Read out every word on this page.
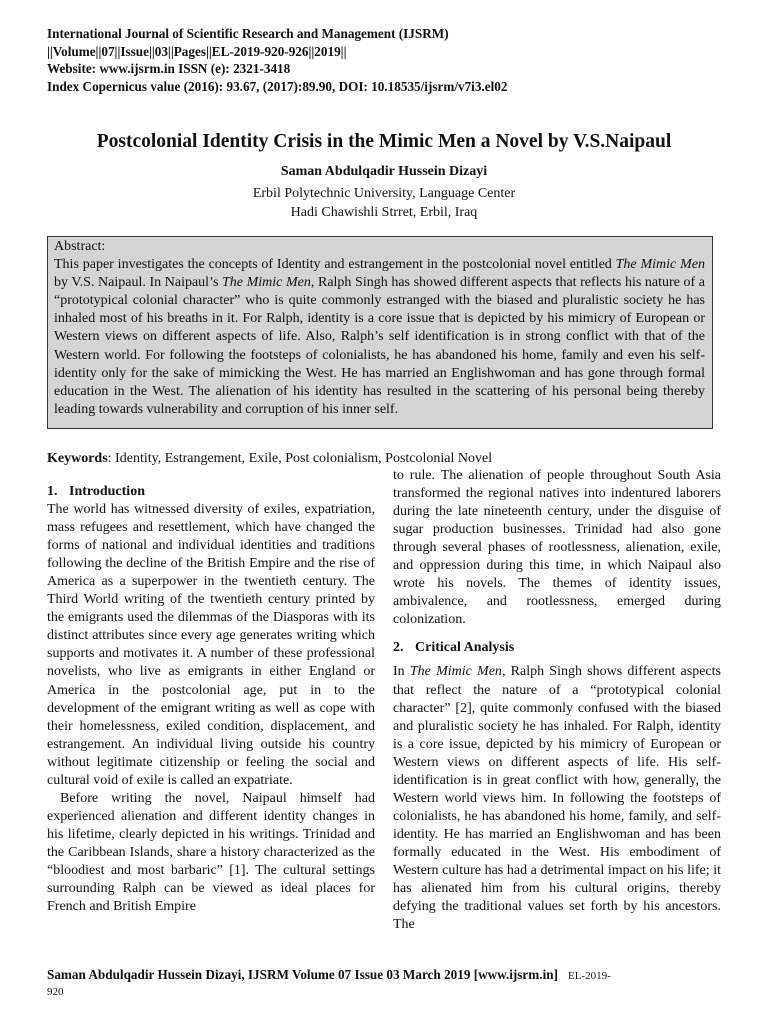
International Journal of Scientific Research and Management (IJSRM)
||Volume||07||Issue||03||Pages||EL-2019-920-926||2019||
Website: www.ijsrm.in ISSN (e): 2321-3418
Index Copernicus value (2016): 93.67, (2017):89.90, DOI: 10.18535/ijsrm/v7i3.el02
Postcolonial Identity Crisis in the Mimic Men a Novel by V.S.Naipaul
Saman Abdulqadir Hussein Dizayi
Erbil Polytechnic University, Language Center
Hadi Chawishli Strret, Erbil, Iraq

Abstract:

This paper investigates the concepts of Identity and estrangement in the postcolonial novel entitled The Mimic Men by V.S. Naipaul. In Naipaul’s The Mimic Men, Ralph Singh has showed different aspects that reflects his nature of a “prototypical colonial character” who is quite commonly estranged with the biased and pluralistic society he has inhaled most of his breaths in it. For Ralph, identity is a core issue that is depicted by his mimicry of European or Western views on different aspects of life. Also, Ralph’s self identification is in strong conflict with that of the Western world. For following the footsteps of colonialists, he has abandoned his home, family and even his self-identity only for the sake of mimicking the West. He has married an Englishwoman and has gone through formal education in the West. The alienation of his identity has resulted in the scattering of his personal being thereby leading towards vulnerability and corruption of his inner self.

Keywords: Identity, Estrangement, Exile, Post colonialism, Postcolonial Novel

1. Introduction

The world has witnessed diversity of exiles, expatriation, mass refugees and resettlement, which have changed the forms of national and individual identities and traditions following the decline of the British Empire and the rise of America as a superpower in the twentieth century. The Third World writing of the twentieth century printed by the emigrants used the dilemmas of the Diasporas with its distinct attributes since every age generates writing which supports and motivates it. A number of these professional novelists, who live as emigrants in either England or America in the postcolonial age, put in to the development of the emigrant writing as well as cope with their homelessness, exiled condition, displacement, and estrangement. An individual living outside his country without legitimate citizenship or feeling the social and cultural void of exile is called an expatriate.

Before writing the novel, Naipaul himself had experienced alienation and different identity changes in his lifetime, clearly depicted in his writings. Trinidad and the Caribbean Islands, share a history characterized as the “bloodiest and most barbaric” [1]. The cultural settings surrounding Ralph can be viewed as ideal places for French and British Empire

to rule. The alienation of people throughout South Asia transformed the regional natives into indentured laborers during the late nineteenth century, under the disguise of sugar production businesses. Trinidad had also gone through several phases of rootlessness, alienation, exile, and oppression during this time, in which Naipaul also wrote his novels. The themes of identity issues, ambivalence, and rootlessness, emerged during colonization.

2. Critical Analysis

In The Mimic Men, Ralph Singh shows different aspects that reflect the nature of a “prototypical colonial character” [2], quite commonly confused with the biased and pluralistic society he has inhaled. For Ralph, identity is a core issue, depicted by his mimicry of European or Western views on different aspects of life. His self-identification is in great conflict with how, generally, the Western world views him. In following the footsteps of colonialists, he has abandoned his home, family, and self-identity. He has married an Englishwoman and has been formally educated in the West. His embodiment of Western culture has had a detrimental impact on his life; it has alienated him from his cultural origins, thereby defying the traditional values set forth by his ancestors. The

Saman Abdulqadir Hussein Dizayi, IJSRM Volume 07 Issue 03 March 2019 [www.ijsrm.in] EL-2019-
920
